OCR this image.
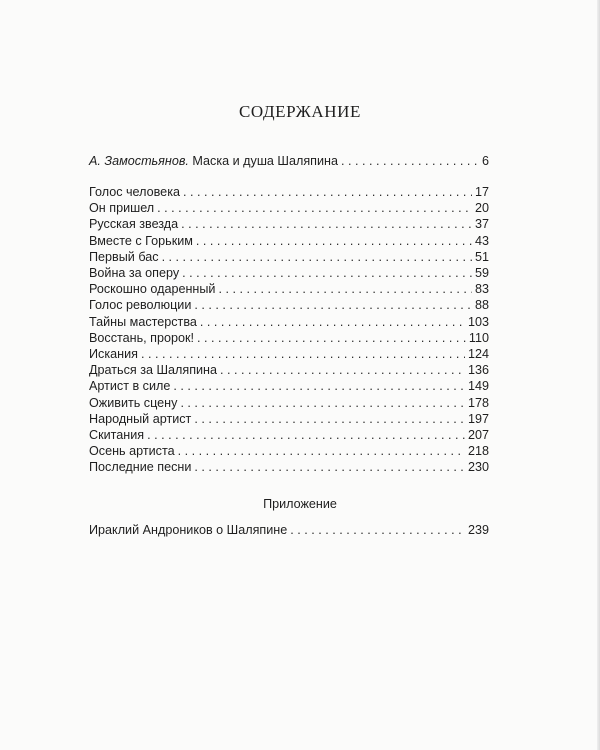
СОДЕРЖАНИЕ
А. Замостьянов. Маска и душа Шаляпина . . .	6
Голос человека . . .	17
Он пришел . . .	20
Русская звезда . . .	37
Вместе с Горьким . . .	43
Первый бас . . .	51
Война за оперу . . .	59
Роскошно одаренный . . .	83
Голос революции . . .	88
Тайны мастерства . . .	103
Восстань, пророк! . . .	110
Искания . . .	124
Драться за Шаляпина . . .	136
Артист в силе . . .	149
Оживить сцену . . .	178
Народный артист . . .	197
Скитания . . .	207
Осень артиста . . .	218
Последние песни . . .	230
Приложение
Ираклий Андроников о Шаляпине . . .	239
